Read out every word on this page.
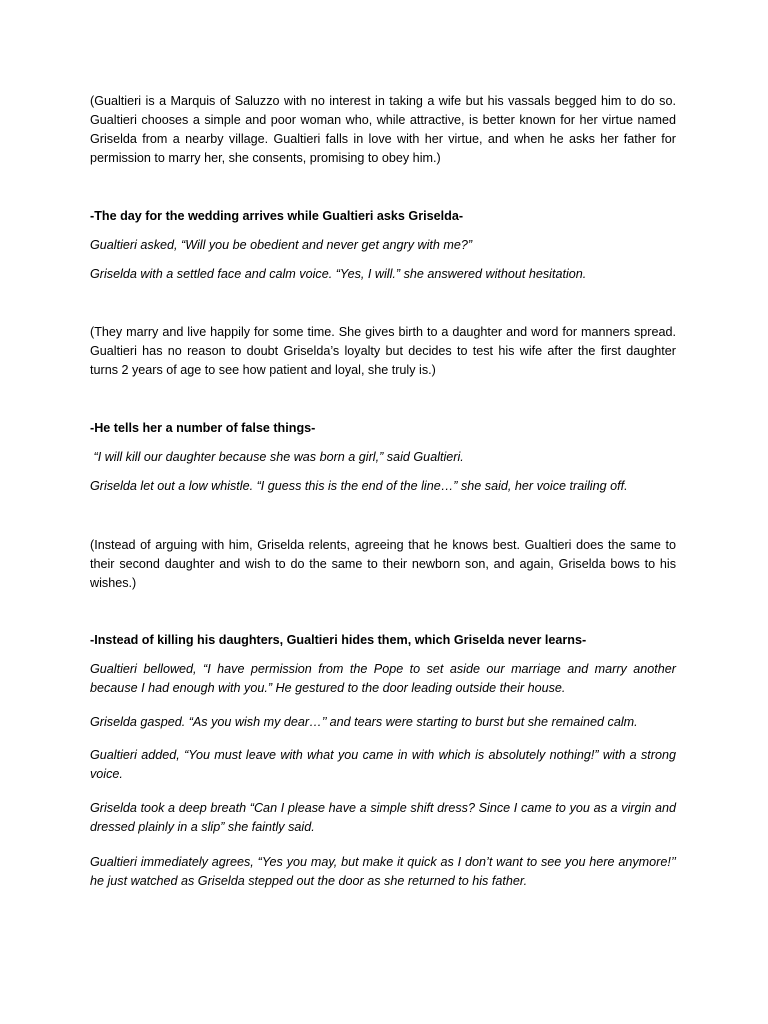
(Gualtieri is a Marquis of Saluzzo with no interest in taking a wife but his vassals begged him to do so. Gualtieri chooses a simple and poor woman who, while attractive, is better known for her virtue named Griselda from a nearby village. Gualtieri falls in love with her virtue, and when he asks her father for permission to marry her, she consents, promising to obey him.)

-The day for the wedding arrives while Gualtieri asks Griselda-

Gualtieri asked, “Will you be obedient and never get angry with me?”

Griselda with a settled face and calm voice. “Yes, I will.” she answered without hesitation.

(They marry and live happily for some time. She gives birth to a daughter and word for manners spread. Gualtieri has no reason to doubt Griselda’s loyalty but decides to test his wife after the first daughter turns 2 years of age to see how patient and loyal, she truly is.)

-He tells her a number of false things-

“I will kill our daughter because she was born a girl,” said Gualtieri.

Griselda let out a low whistle. “I guess this is the end of the line…” she said, her voice trailing off.

(Instead of arguing with him, Griselda relents, agreeing that he knows best. Gualtieri does the same to their second daughter and wish to do the same to their newborn son, and again, Griselda bows to his wishes.)

-Instead of killing his daughters, Gualtieri hides them, which Griselda never learns-

Gualtieri bellowed, “I have permission from the Pope to set aside our marriage and marry another because I had enough with you.” He gestured to the door leading outside their house.

Griselda gasped. “As you wish my dear…’’ and tears were starting to burst but she remained calm.

Gualtieri added, “You must leave with what you came in with which is absolutely nothing!” with a strong voice.

Griselda took a deep breath “Can I please have a simple shift dress? Since I came to you as a virgin and dressed plainly in a slip” she faintly said.

Gualtieri immediately agrees, “Yes you may, but make it quick as I don’t want to see you here anymore!’’ he just watched as Griselda stepped out the door as she returned to his father.
